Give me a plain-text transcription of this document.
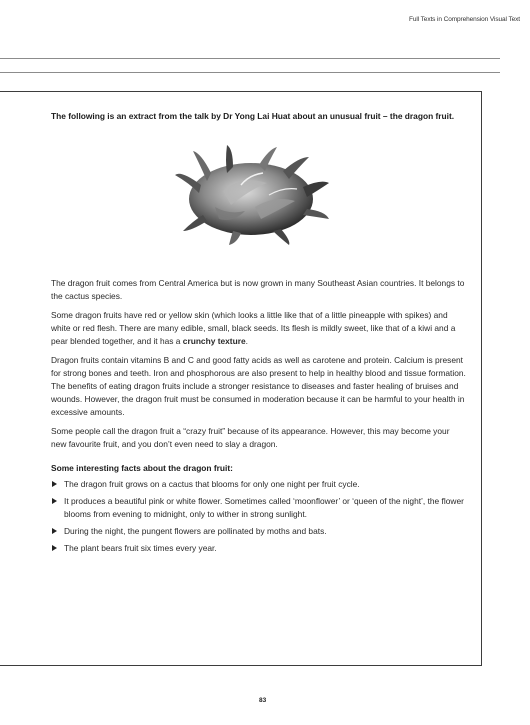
Full Texts in Comprehension Visual Text

The following is an extract from the talk by Dr Yong Lai Huat about an unusual fruit – the dragon fruit.

The dragon fruit comes from Central America but is now grown in many Southeast Asian countries. It belongs to the cactus species.

Some dragon fruits have red or yellow skin (which looks a little like that of a little pineapple with spikes) and white or red flesh. There are many edible, small, black seeds. Its flesh is mildly sweet, like that of a kiwi and a pear blended together, and it has a crunchy texture.

Dragon fruits contain vitamins B and C and good fatty acids as well as carotene and protein. Calcium is present for strong bones and teeth. Iron and phosphorous are also present to help in healthy blood and tissue formation. The benefits of eating dragon fruits include a stronger resistance to diseases and faster healing of bruises and wounds. However, the dragon fruit must be consumed in moderation because it can be harmful to your health in excessive amounts.

Some people call the dragon fruit a “crazy fruit” because of its appearance. However, this may become your new favourite fruit, and you don’t even need to slay a dragon.

Some interesting facts about the dragon fruit:
The dragon fruit grows on a cactus that blooms for only one night per fruit cycle.
It produces a beautiful pink or white flower. Sometimes called ‘moonflower’ or ‘queen of the night’, the flower blooms from evening to midnight, only to wither in strong sunlight.
During the night, the pungent flowers are pollinated by moths and bats.
The plant bears fruit six times every year.
83
